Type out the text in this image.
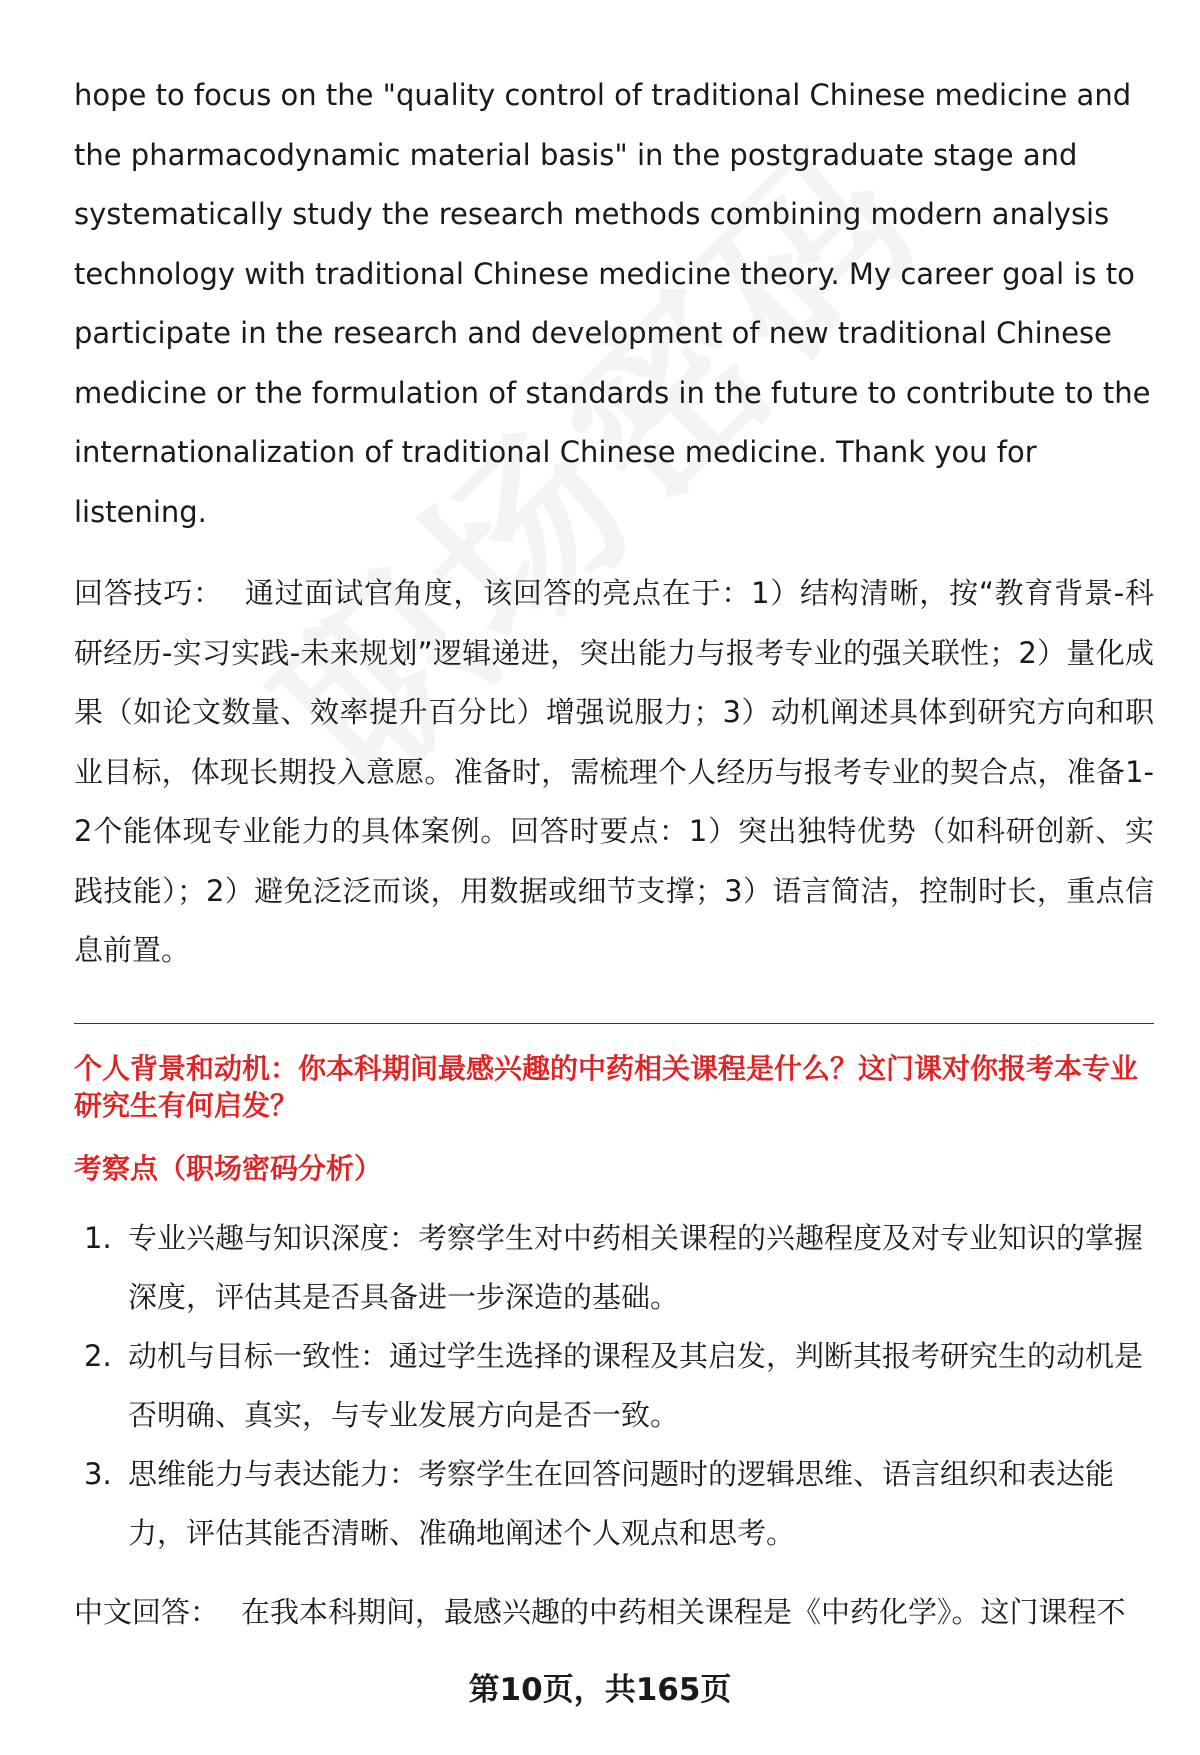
hope to focus on the "quality control of traditional Chinese medicine and the pharmacodynamic material basis" in the postgraduate stage and systematically study the research methods combining modern analysis technology with traditional Chinese medicine theory. My career goal is to participate in the research and development of new traditional Chinese medicine or the formulation of standards in the future to contribute to the internationalization of traditional Chinese medicine. Thank you for listening.

回答技巧： 通过面试官角度，该回答的亮点在于：1）结构清晰，按“教育背景-科研经历-实习实践-未来规划”逻辑递进，突出能力与报考专业的强关联性；2）量化成果（如论文数量、效率提升百分比）增强说服力；3）动机阐述具体到研究方向和职业目标，体现长期投入意愿。准备时，需梳理个人经历与报考专业的契合点，准备1-2个能体现专业能力的具体案例。回答时要点：1）突出独特优势（如科研创新、实践技能）；2）避免泛泛而谈，用数据或细节支撑；3）语言简洁，控制时长，重点信息前置。

个人背景和动机：你本科期间最感兴趣的中药相关课程是什么？这门课对你报考本专业研究生有何启发？

考察点（职场密码分析）

1. 专业兴趣与知识深度：考察学生对中药相关课程的兴趣程度及对专业知识的掌握深度，评估其是否具备进一步深造的基础。
2. 动机与目标一致性：通过学生选择的课程及其启发，判断其报考研究生的动机是否明确、真实，与专业发展方向是否一致。
3. 思维能力与表达能力：考察学生在回答问题时的逻辑思维、语言组织和表达能力，评估其能否清晰、准确地阐述个人观点和思考。

中文回答： 在我本科期间，最感兴趣的中药相关课程是《中药化学》。这门课程不

第10页，共165页
